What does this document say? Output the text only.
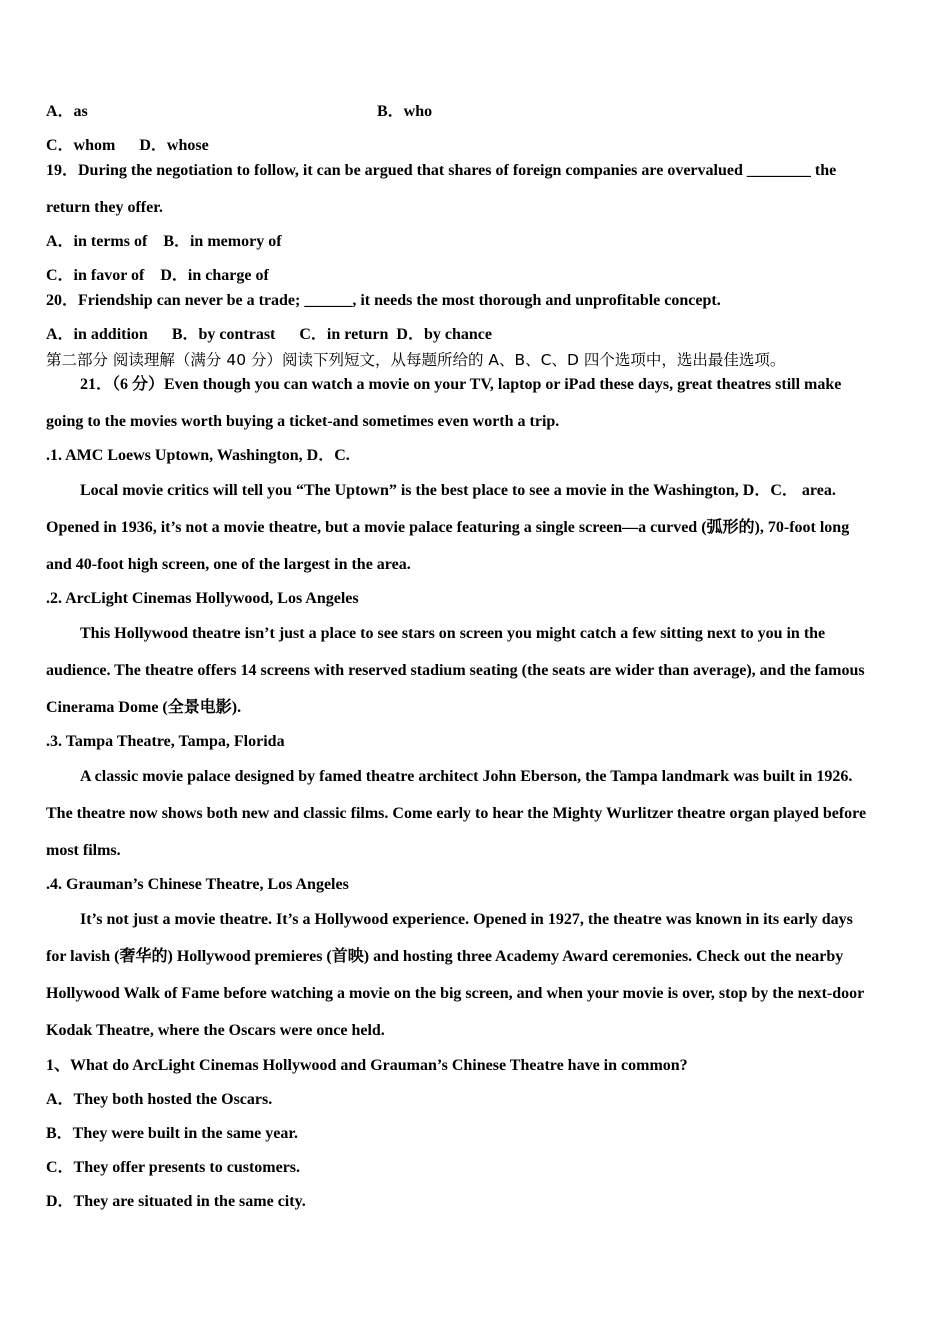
A．as	B．who
C．whom      D．whose
19．During the negotiation to follow, it can be argued that shares of foreign companies are overvalued ________ the
return they offer.
A．in terms of    B．in memory of
C．in favor of    D．in charge of
20．Friendship can never be a trade; ______, it needs the most thorough and unprofitable concept.
A．in addition      B．by contrast      C．in return  D．by chance
第二部分 阅读理解（满分 40 分）阅读下列短文，从每题所给的 A、B、C、D 四个选项中，选出最佳选项。
21．（6 分）Even though you can watch a movie on your TV, laptop or iPad these days, great theatres still make
going to the movies worth buying a ticket-and sometimes even worth a trip.
.1. AMC Loews Uptown, Washington, D．C.
Local movie critics will tell you “The Uptown” is the best place to see a movie in the Washington, D．C． area.
Opened in 1936, it’s not a movie theatre, but a movie palace featuring a single screen—a curved (弧形的), 70-foot long
and 40-foot high screen, one of the largest in the area.
.2. ArcLight Cinemas Hollywood, Los Angeles
This Hollywood theatre isn’t just a place to see stars on screen you might catch a few sitting next to you in the
audience. The theatre offers 14 screens with reserved stadium seating (the seats are wider than average), and the famous
Cinerama Dome (全景电影).
.3. Tampa Theatre, Tampa, Florida
A classic movie palace designed by famed theatre architect John Eberson, the Tampa landmark was built in 1926.
The theatre now shows both new and classic films. Come early to hear the Mighty Wurlitzer theatre organ played before
most films.
.4. Grauman’s Chinese Theatre, Los Angeles
It’s not just a movie theatre. It’s a Hollywood experience. Opened in 1927, the theatre was known in its early days
for lavish (奢华的) Hollywood premieres (首映) and hosting three Academy Award ceremonies. Check out the nearby
Hollywood Walk of Fame before watching a movie on the big screen, and when your movie is over, stop by the next-door
Kodak Theatre, where the Oscars were once held.
1、What do ArcLight Cinemas Hollywood and Grauman’s Chinese Theatre have in common?
A．They both hosted the Oscars.
B．They were built in the same year.
C．They offer presents to customers.
D．They are situated in the same city.
